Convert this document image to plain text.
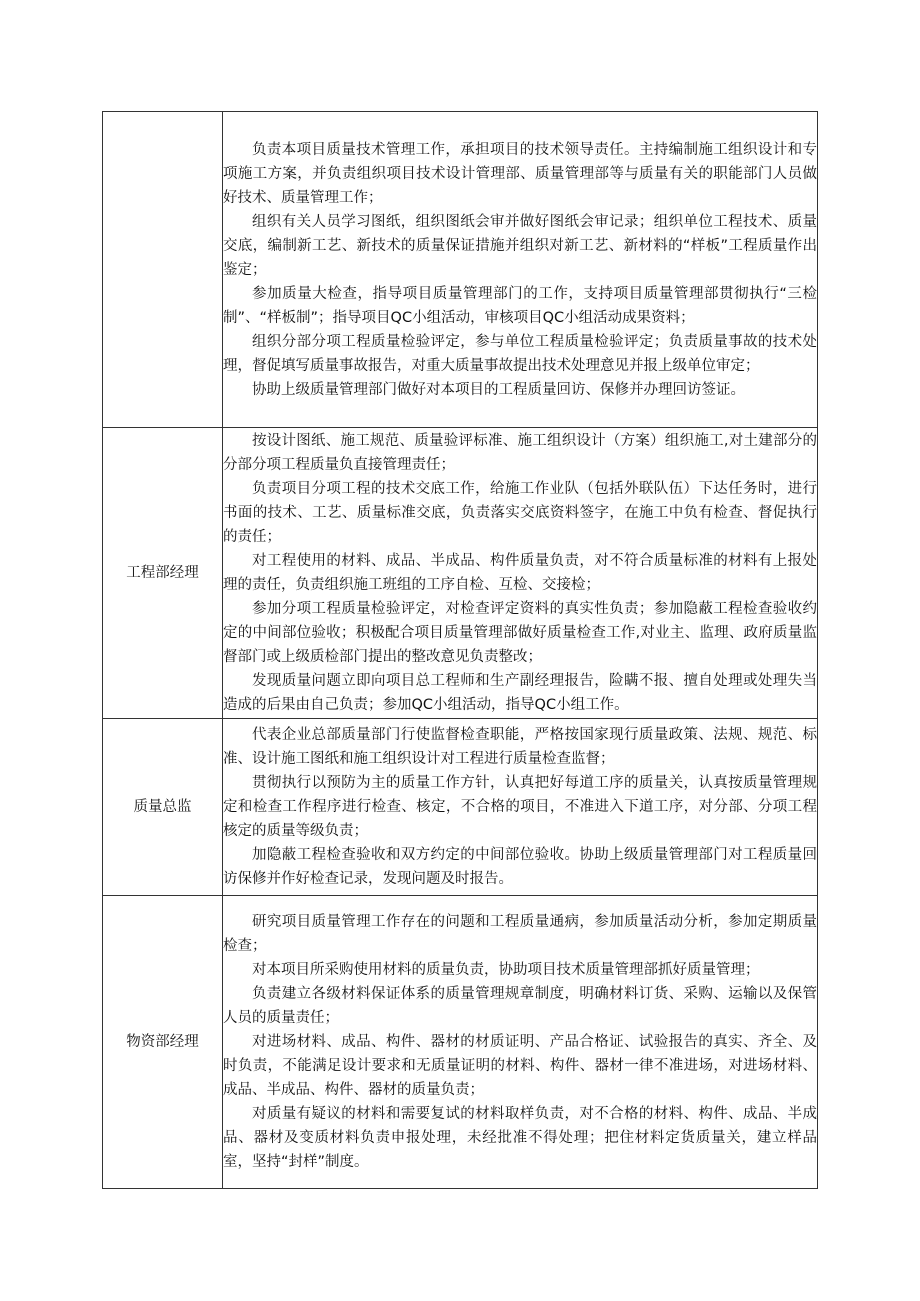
	负责本项目质量技术管理工作，承担项目的技术领导责任。主持编制施工组织设计和专项施工方案，并负责组织项目技术设计管理部、质量管理部等与质量有关的职能部门人员做好技术、质量管理工作；

组织有关人员学习图纸，组织图纸会审并做好图纸会审记录；组织单位工程技术、质量交底，编制新工艺、新技术的质量保证措施并组织对新工艺、新材料的“样板”工程质量作出鉴定；

参加质量大检查，指导项目质量管理部门的工作，支持项目质量管理部贯彻执行“三检制”、“样板制”；指导项目QC小组活动，审核项目QC小组活动成果资料；

组织分部分项工程质量检验评定，参与单位工程质量检验评定；负责质量事故的技术处理，督促填写质量事故报告，对重大质量事故提出技术处理意见并报上级单位审定；

协助上级质量管理部门做好对本项目的工程质量回访、保修并办理回访签证。

工程部经理	按设计图纸、施工规范、质量验评标准、施工组织设计（方案）组织施工,对土建部分的分部分项工程质量负直接管理责任；

负责项目分项工程的技术交底工作，给施工作业队（包括外联队伍）下达任务时，进行书面的技术、工艺、质量标准交底，负责落实交底资料签字，在施工中负有检查、督促执行的责任；

对工程使用的材料、成品、半成品、构件质量负责，对不符合质量标准的材料有上报处理的责任，负责组织施工班组的工序自检、互检、交接检；

参加分项工程质量检验评定，对检查评定资料的真实性负责；参加隐蔽工程检查验收约定的中间部位验收；积极配合项目质量管理部做好质量检查工作,对业主、监理、政府质量监督部门或上级质检部门提出的整改意见负责整改；

发现质量问题立即向项目总工程师和生产副经理报告，险瞒不报、擅自处理或处理失当造成的后果由自己负责；参加QC小组活动，指导QC小组工作。

质量总监	代表企业总部质量部门行使监督检查职能，严格按国家现行质量政策、法规、规范、标准、设计施工图纸和施工组织设计对工程进行质量检查监督；

贯彻执行以预防为主的质量工作方针，认真把好每道工序的质量关，认真按质量管理规定和检查工作程序进行检查、核定，不合格的项目，不准进入下道工序，对分部、分项工程核定的质量等级负责；

加隐蔽工程检查验收和双方约定的中间部位验收。协助上级质量管理部门对工程质量回访保修并作好检查记录，发现问题及时报告。

物资部经理	研究项目质量管理工作存在的问题和工程质量通病，参加质量活动分析，参加定期质量检查；

对本项目所采购使用材料的质量负责，协助项目技术质量管理部抓好质量管理；

负责建立各级材料保证体系的质量管理规章制度，明确材料订货、采购、运输以及保管人员的质量责任；

对进场材料、成品、构件、器材的材质证明、产品合格证、试验报告的真实、齐全、及时负责，不能满足设计要求和无质量证明的材料、构件、器材一律不准进场，对进场材料、成品、半成品、构件、器材的质量负责；

对质量有疑议的材料和需要复试的材料取样负责，对不合格的材料、构件、成品、半成品、器材及变质材料负责申报处理，未经批准不得处理；把住材料定货质量关，建立样品室，坚持“封样”制度。
